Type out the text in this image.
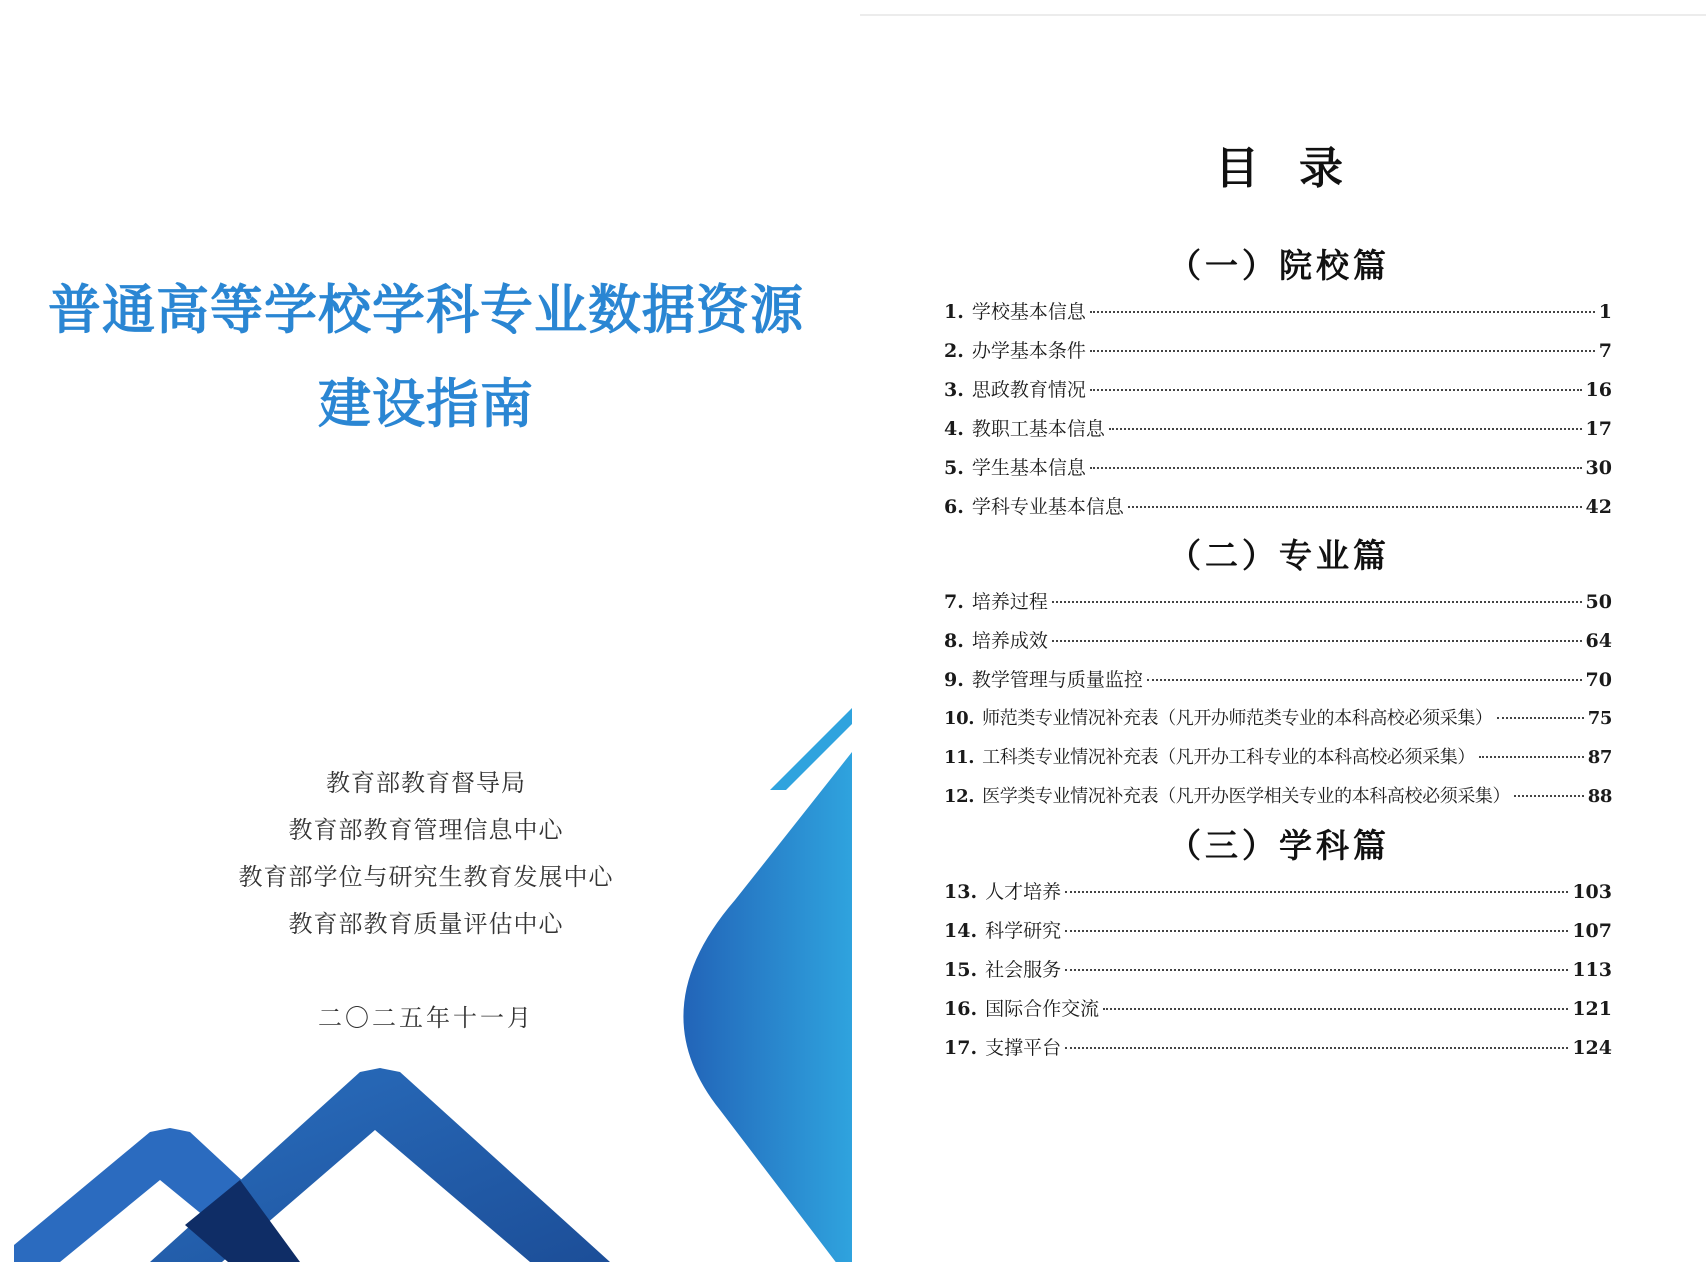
普通高等学校学科专业数据资源
建设指南
教育部教育督导局
教育部教育管理信息中心
教育部学位与研究生教育发展中心
教育部教育质量评估中心
二〇二五年十一月
目录
（一）院校篇
1. 学校基本信息	1
2. 办学基本条件	7
3. 思政教育情况	16
4. 教职工基本信息	17
5. 学生基本信息	30
6. 学科专业基本信息	42
（二）专业篇
7. 培养过程	50
8. 培养成效	64
9. 教学管理与质量监控	70
10. 师范类专业情况补充表（凡开办师范类专业的本科高校必须采集）	75
11. 工科类专业情况补充表（凡开办工科专业的本科高校必须采集）	87
12. 医学类专业情况补充表（凡开办医学相关专业的本科高校必须采集）	88
（三）学科篇
13. 人才培养	103
14. 科学研究	107
15. 社会服务	113
16. 国际合作交流	121
17. 支撑平台	124
